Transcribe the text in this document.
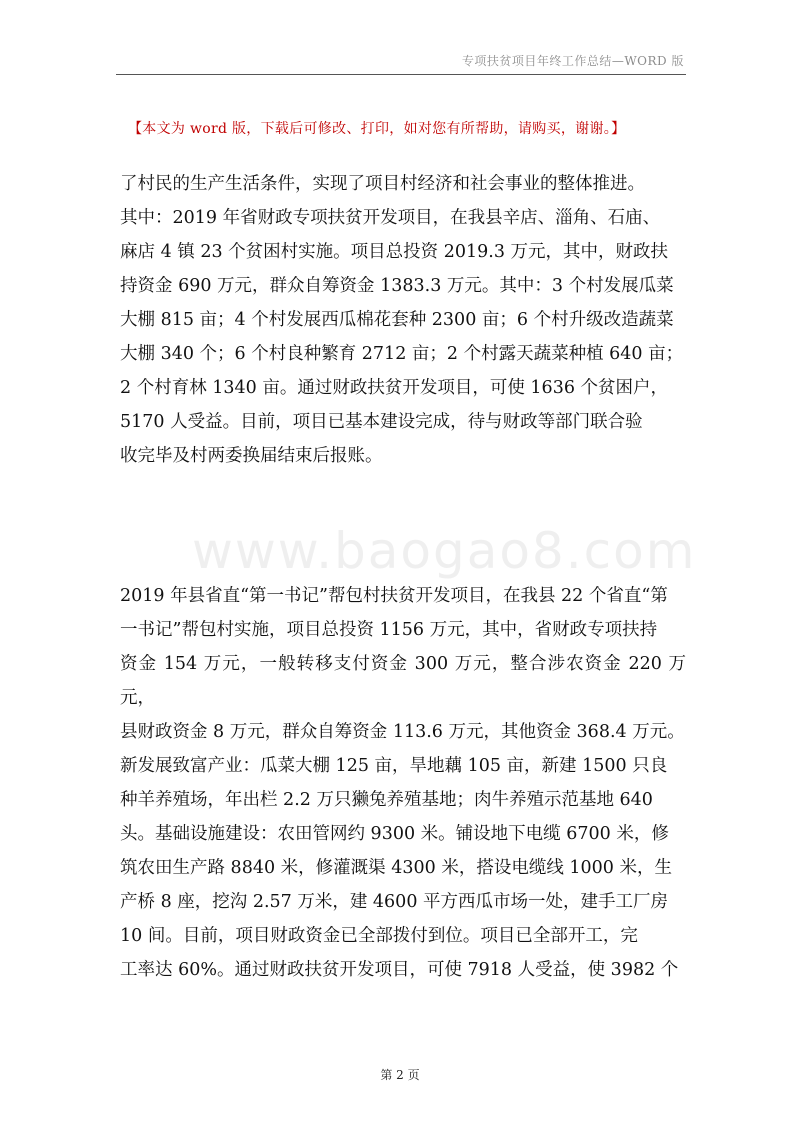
专项扶贫项目年终工作总结—WORD 版
【本文为 word 版，下载后可修改、打印，如对您有所帮助，请购买，谢谢。】
www.baogao8.com
了村民的生产生活条件，实现了项目村经济和社会事业的整体推进。
其中：2019 年省财政专项扶贫开发项目，在我县辛店、淄角、石庙、
麻店 4 镇 23 个贫困村实施。项目总投资 2019.3 万元，其中，财政扶
持资金 690 万元，群众自筹资金 1383.3 万元。其中：3 个村发展瓜菜
大棚 815 亩；4 个村发展西瓜棉花套种 2300 亩；6 个村升级改造蔬菜
大棚 340 个；6 个村良种繁育 2712 亩；2 个村露天蔬菜种植 640 亩；
2 个村育林 1340 亩。通过财政扶贫开发项目，可使 1636 个贫困户，
5170 人受益。目前，项目已基本建设完成，待与财政等部门联合验
收完毕及村两委换届结束后报账。
2019 年县省直“第一书记”帮包村扶贫开发项目，在我县 22 个省直“第
一书记”帮包村实施，项目总投资 1156 万元，其中，省财政专项扶持
资金 154 万元，一般转移支付资金 300 万元，整合涉农资金 220 万元，
县财政资金 8 万元，群众自筹资金 113.6 万元，其他资金 368.4 万元。
新发展致富产业：瓜菜大棚 125 亩，旱地藕 105 亩，新建 1500 只良
种羊养殖场，年出栏 2.2 万只獭兔养殖基地；肉牛养殖示范基地 640
头。基础设施建设：农田管网约 9300 米。铺设地下电缆 6700 米，修
筑农田生产路 8840 米，修灌溉渠 4300 米，搭设电缆线 1000 米，生
产桥 8 座，挖沟 2.57 万米，建 4600 平方西瓜市场一处，建手工厂房
10 间。目前，项目财政资金已全部拨付到位。项目已全部开工，完
工率达 60%。通过财政扶贫开发项目，可使 7918 人受益，使 3982 个
第 2 页
